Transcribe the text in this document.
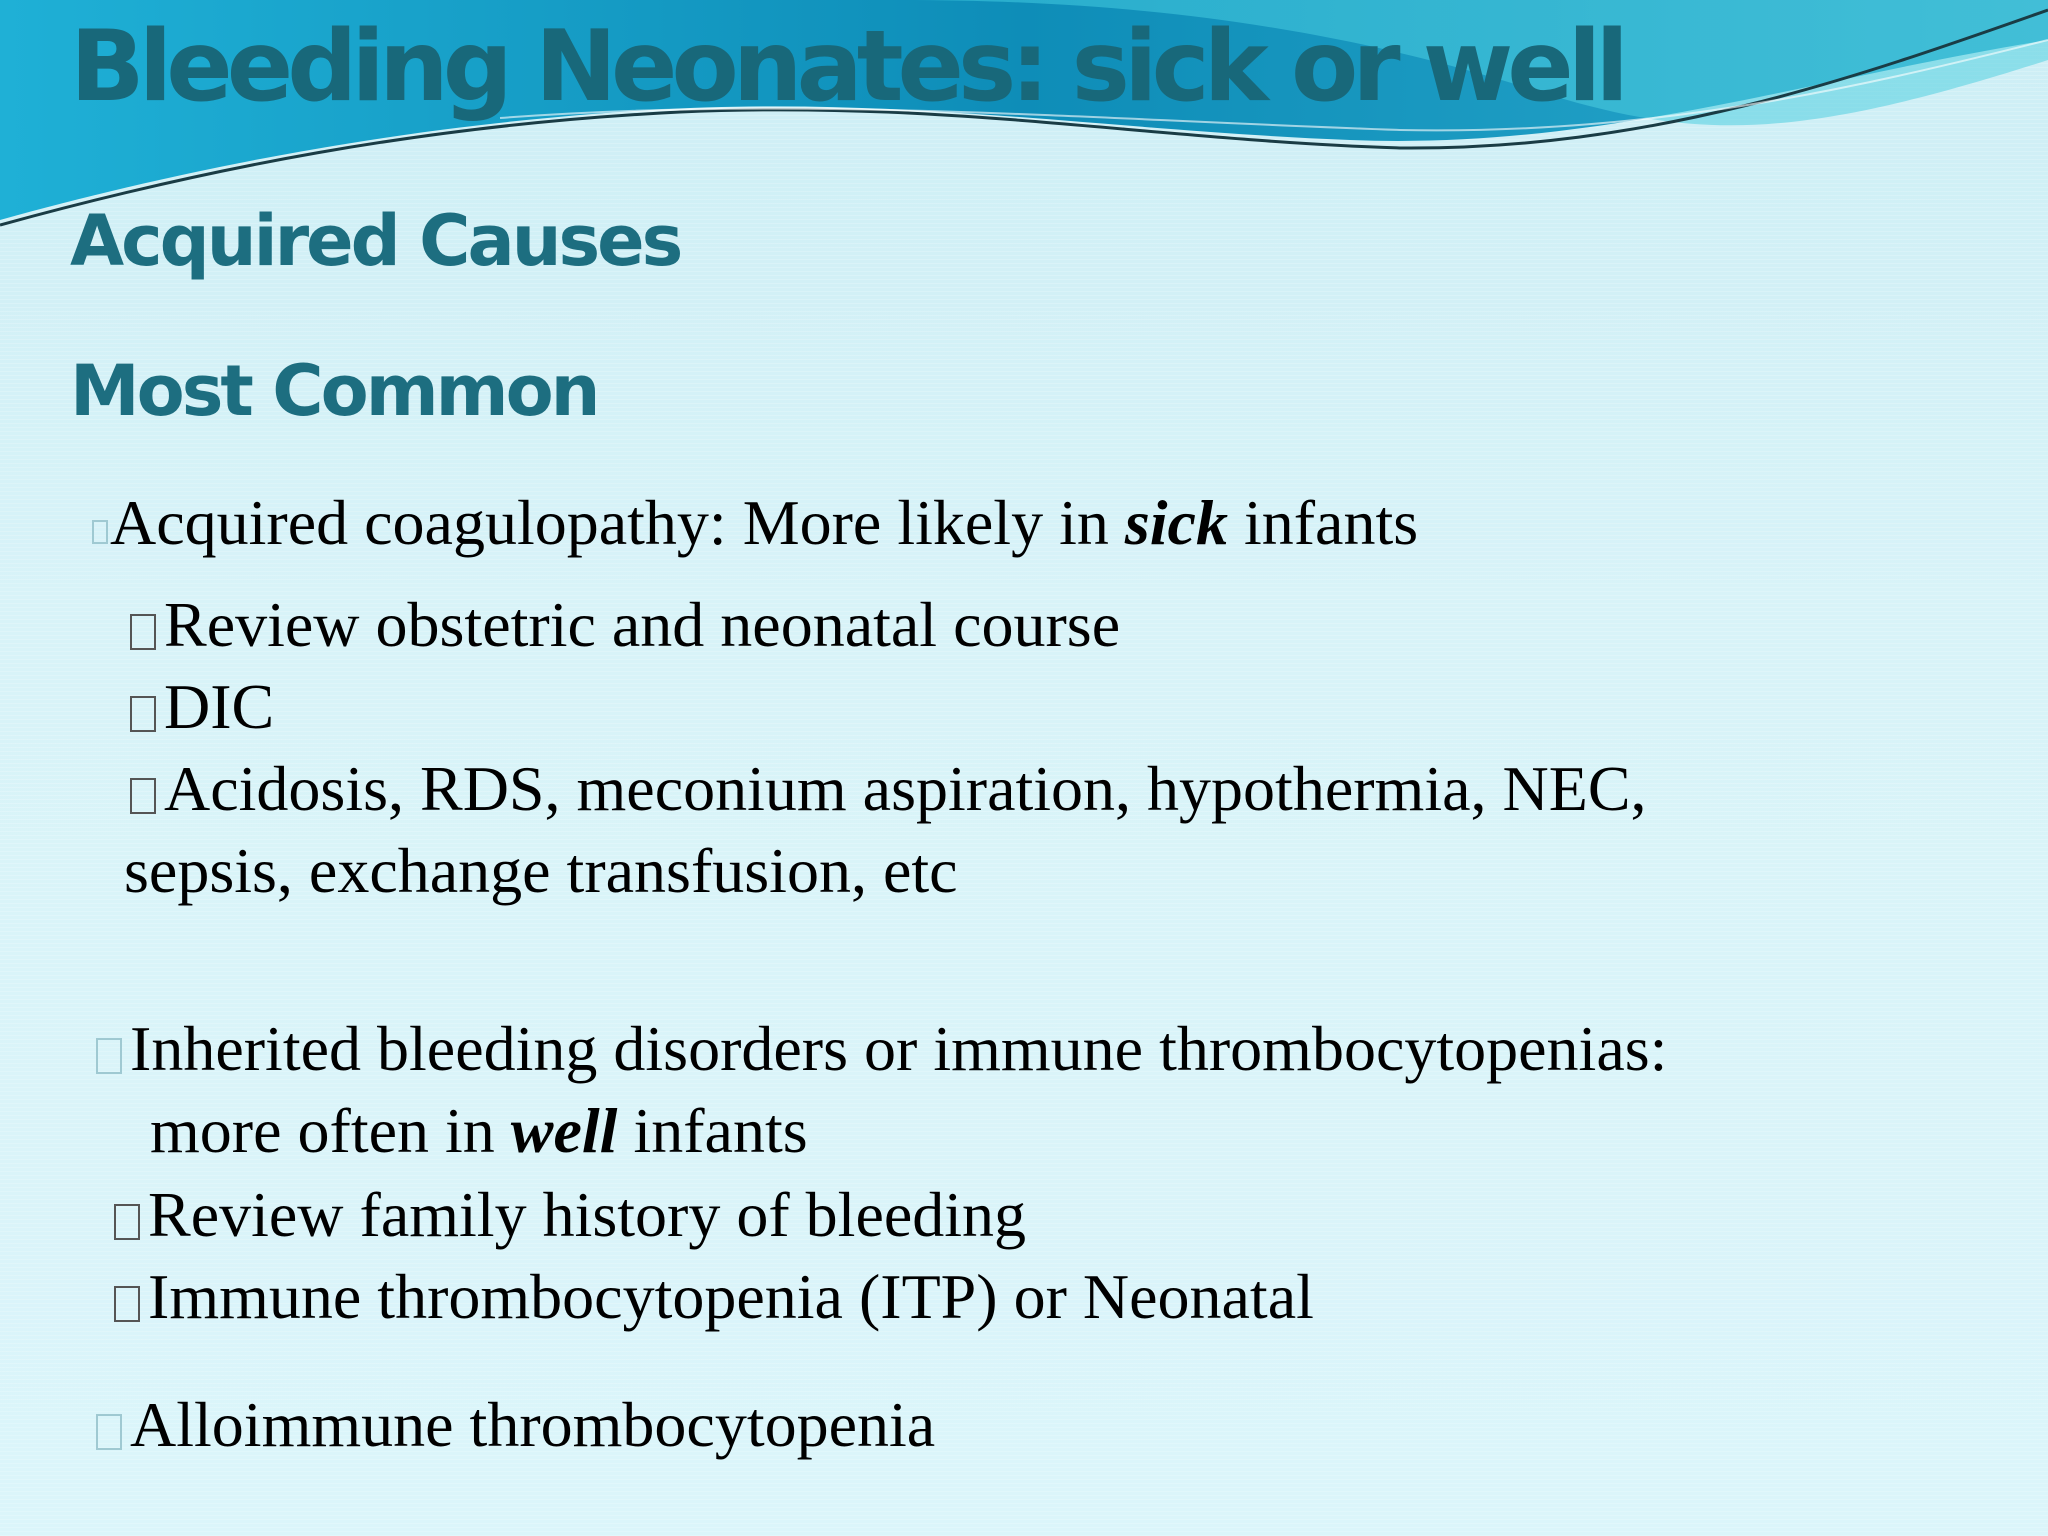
Bleeding Neonates: sick or well
Acquired Causes
Most Common

Acquired coagulopathy: More likely in sick infants

Review obstetric and neonatal course

DIC

Acidosis, RDS, meconium aspiration, hypothermia, NEC,

sepsis, exchange transfusion, etc

Inherited bleeding disorders or immune thrombocytopenias:

more often in well infants

Review family history of bleeding

Immune thrombocytopenia (ITP) or Neonatal

Alloimmune thrombocytopenia
